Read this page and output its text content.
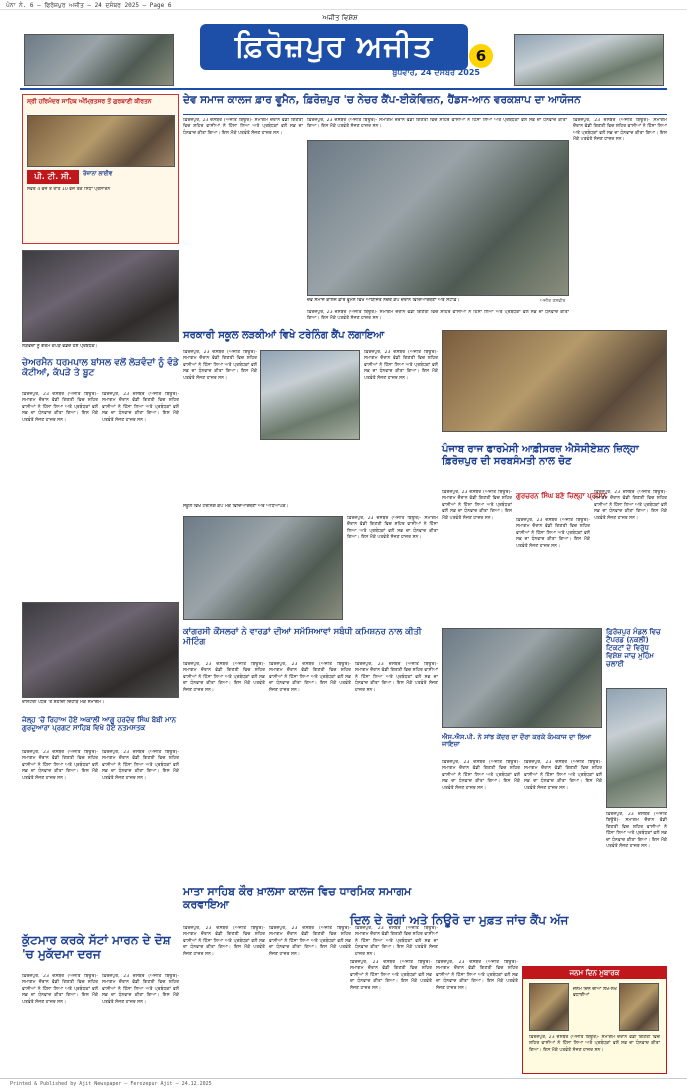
ਪੰਨਾ ਨੰ. 6 — ਫਿਰੋਜ਼ਪੁਰ ਅਜੀਤ — 24 ਦਸੰਬਰ 2025 — Page 6
ਅਜੀਤ ਵਿਸ਼ੇਸ਼
ਫ਼ਿਰੋਜ਼ਪੁਰ ਅਜੀਤ	6
ਬੁੱਧਵਾਰ, 24 ਦਸੰਬਰ 2025
ਸ੍ਰੀ ਹਰਿਮੰਦਰ ਸਾਹਿਬ ਅੰਮ੍ਰਿਤਸਰ ਤੋਂ ਗੁਰਬਾਣੀ ਕੀਰਤਨ
ਪੀ. ਟੀ. ਸੀ.	ਰੋਜ਼ਾਨਾ ਲਾਈਵ
ਸਵੇਰੇ 4 ਵਜੇ ਤੋਂ ਰਾਤ 10 ਵਜੇ ਤੱਕ ਸਿੱਧਾ ਪ੍ਰਸਾਰਨ
ਦੇਵ ਸਮਾਜ ਕਾਲਜ ਫ਼ਾਰ ਵੂਮੈਨ, ਫ਼ਿਰੋਜ਼ਪੁਰ 'ਚ ਨੇਚਰ ਕੈਂਪ-ਈਕੋਵਿਜ਼ਨ, ਹੈਂਡਸ-ਆਨ ਵਰਕਸ਼ਾਪ ਦਾ ਆਯੋਜਨ
ਫ਼ਿਰੋਜ਼ਪੁਰ, 23 ਦਸੰਬਰ (ਅਜੀਤ ਬਿਊਰੋ)- ਸਮਾਗਮ ਦੌਰਾਨ ਵੱਡੀ ਗਿਣਤੀ ਵਿਚ ਸ਼ਹਿਰ ਵਾਸੀਆਂ ਨੇ ਹਿੱਸਾ ਲਿਆ ਅਤੇ ਪ੍ਰਬੰਧਕਾਂ ਵਲੋਂ ਸਭ ਦਾ ਧੰਨਵਾਦ ਕੀਤਾ ਗਿਆ। ਇਸ ਮੌਕੇ ਪਤਵੰਤੇ ਸੱਜਣ ਹਾਜ਼ਰ ਸਨ।
ਫ਼ਿਰੋਜ਼ਪੁਰ, 23 ਦਸੰਬਰ (ਅਜੀਤ ਬਿਊਰੋ)- ਸਮਾਗਮ ਦੌਰਾਨ ਵੱਡੀ ਗਿਣਤੀ ਵਿਚ ਸ਼ਹਿਰ ਵਾਸੀਆਂ ਨੇ ਹਿੱਸਾ ਲਿਆ ਅਤੇ ਪ੍ਰਬੰਧਕਾਂ ਵਲੋਂ ਸਭ ਦਾ ਧੰਨਵਾਦ ਕੀਤਾ ਗਿਆ। ਇਸ ਮੌਕੇ ਪਤਵੰਤੇ ਸੱਜਣ ਹਾਜ਼ਰ ਸਨ।
ਦੇਵ ਸਮਾਜ ਕਾਲਜ ਫ਼ਾਰ ਵੂਮੈਨ ਵਿਖੇ ਆਯੋਜਿਤ ਨੇਚਰ ਕੈਂਪ ਦੌਰਾਨ ਵਿਦਿਆਰਥਣਾਂ ਅਤੇ ਸਟਾਫ਼।	ਅਜੀਤ ਤਸਵੀਰ
ਫ਼ਿਰੋਜ਼ਪੁਰ, 23 ਦਸੰਬਰ (ਅਜੀਤ ਬਿਊਰੋ)- ਸਮਾਗਮ ਦੌਰਾਨ ਵੱਡੀ ਗਿਣਤੀ ਵਿਚ ਸ਼ਹਿਰ ਵਾਸੀਆਂ ਨੇ ਹਿੱਸਾ ਲਿਆ ਅਤੇ ਪ੍ਰਬੰਧਕਾਂ ਵਲੋਂ ਸਭ ਦਾ ਧੰਨਵਾਦ ਕੀਤਾ ਗਿਆ। ਇਸ ਮੌਕੇ ਪਤਵੰਤੇ ਸੱਜਣ ਹਾਜ਼ਰ ਸਨ।
ਫ਼ਿਰੋਜ਼ਪੁਰ, 23 ਦਸੰਬਰ (ਅਜੀਤ ਬਿਊਰੋ)- ਸਮਾਗਮ ਦੌਰਾਨ ਵੱਡੀ ਗਿਣਤੀ ਵਿਚ ਸ਼ਹਿਰ ਵਾਸੀਆਂ ਨੇ ਹਿੱਸਾ ਲਿਆ ਅਤੇ ਪ੍ਰਬੰਧਕਾਂ ਵਲੋਂ ਸਭ ਦਾ ਧੰਨਵਾਦ ਕੀਤਾ ਗਿਆ। ਇਸ ਮੌਕੇ ਪਤਵੰਤੇ ਸੱਜਣ ਹਾਜ਼ਰ ਸਨ।
ਲੋੜਵੰਦਾਂ ਨੂੰ ਗਰਮ ਕੱਪੜੇ ਵੰਡਦੇ ਹੋਏ ਪ੍ਰਬੰਧਕ।
ਚੇਅਰਮੈਨ ਧਰਮਪਾਲ ਬਾਂਸਲ ਵਲੋਂ ਲੋੜਵੰਦਾਂ ਨੂੰ ਵੰਡੇ ਕੋਟੀਆਂ, ਕੱਪੜੇ ਤੇ ਬੂਟ
ਫ਼ਿਰੋਜ਼ਪੁਰ, 23 ਦਸੰਬਰ (ਅਜੀਤ ਬਿਊਰੋ)- ਸਮਾਗਮ ਦੌਰਾਨ ਵੱਡੀ ਗਿਣਤੀ ਵਿਚ ਸ਼ਹਿਰ ਵਾਸੀਆਂ ਨੇ ਹਿੱਸਾ ਲਿਆ ਅਤੇ ਪ੍ਰਬੰਧਕਾਂ ਵਲੋਂ ਸਭ ਦਾ ਧੰਨਵਾਦ ਕੀਤਾ ਗਿਆ। ਇਸ ਮੌਕੇ ਪਤਵੰਤੇ ਸੱਜਣ ਹਾਜ਼ਰ ਸਨ।
ਫ਼ਿਰੋਜ਼ਪੁਰ, 23 ਦਸੰਬਰ (ਅਜੀਤ ਬਿਊਰੋ)- ਸਮਾਗਮ ਦੌਰਾਨ ਵੱਡੀ ਗਿਣਤੀ ਵਿਚ ਸ਼ਹਿਰ ਵਾਸੀਆਂ ਨੇ ਹਿੱਸਾ ਲਿਆ ਅਤੇ ਪ੍ਰਬੰਧਕਾਂ ਵਲੋਂ ਸਭ ਦਾ ਧੰਨਵਾਦ ਕੀਤਾ ਗਿਆ। ਇਸ ਮੌਕੇ ਪਤਵੰਤੇ ਸੱਜਣ ਹਾਜ਼ਰ ਸਨ।
ਸਰਕਾਰੀ ਸਕੂਲ ਲੜਕੀਆਂ ਵਿਖੇ ਟਰੇਨਿੰਗ ਕੈਂਪ ਲਗਾਇਆ
ਫ਼ਿਰੋਜ਼ਪੁਰ, 23 ਦਸੰਬਰ (ਅਜੀਤ ਬਿਊਰੋ)- ਸਮਾਗਮ ਦੌਰਾਨ ਵੱਡੀ ਗਿਣਤੀ ਵਿਚ ਸ਼ਹਿਰ ਵਾਸੀਆਂ ਨੇ ਹਿੱਸਾ ਲਿਆ ਅਤੇ ਪ੍ਰਬੰਧਕਾਂ ਵਲੋਂ ਸਭ ਦਾ ਧੰਨਵਾਦ ਕੀਤਾ ਗਿਆ। ਇਸ ਮੌਕੇ ਪਤਵੰਤੇ ਸੱਜਣ ਹਾਜ਼ਰ ਸਨ।
ਫ਼ਿਰੋਜ਼ਪੁਰ, 23 ਦਸੰਬਰ (ਅਜੀਤ ਬਿਊਰੋ)- ਸਮਾਗਮ ਦੌਰਾਨ ਵੱਡੀ ਗਿਣਤੀ ਵਿਚ ਸ਼ਹਿਰ ਵਾਸੀਆਂ ਨੇ ਹਿੱਸਾ ਲਿਆ ਅਤੇ ਪ੍ਰਬੰਧਕਾਂ ਵਲੋਂ ਸਭ ਦਾ ਧੰਨਵਾਦ ਕੀਤਾ ਗਿਆ। ਇਸ ਮੌਕੇ ਪਤਵੰਤੇ ਸੱਜਣ ਹਾਜ਼ਰ ਸਨ।
ਸਕੂਲ ਵਿਖੇ ਟਰੇਨਿੰਗ ਕੈਂਪ ਮੌਕੇ ਵਿਦਿਆਰਥਣਾਂ ਅਤੇ ਅਧਿਆਪਕ।
ਫ਼ਿਰੋਜ਼ਪੁਰ, 23 ਦਸੰਬਰ (ਅਜੀਤ ਬਿਊਰੋ)- ਸਮਾਗਮ ਦੌਰਾਨ ਵੱਡੀ ਗਿਣਤੀ ਵਿਚ ਸ਼ਹਿਰ ਵਾਸੀਆਂ ਨੇ ਹਿੱਸਾ ਲਿਆ ਅਤੇ ਪ੍ਰਬੰਧਕਾਂ ਵਲੋਂ ਸਭ ਦਾ ਧੰਨਵਾਦ ਕੀਤਾ ਗਿਆ। ਇਸ ਮੌਕੇ ਪਤਵੰਤੇ ਸੱਜਣ ਹਾਜ਼ਰ ਸਨ।
ਪੰਜਾਬ ਰਾਜ ਫਾਰਮੇਸੀ ਆਫ਼ੀਸਰਜ਼ ਐਸੋਸੀਏਸ਼ਨ ਜ਼ਿਲ੍ਹਾ ਫ਼ਿਰੋਜ਼ਪੁਰ ਦੀ ਸਰਬਸੰਮਤੀ ਨਾਲ ਚੋਣ
ਫ਼ਿਰੋਜ਼ਪੁਰ, 23 ਦਸੰਬਰ (ਅਜੀਤ ਬਿਊਰੋ)- ਸਮਾਗਮ ਦੌਰਾਨ ਵੱਡੀ ਗਿਣਤੀ ਵਿਚ ਸ਼ਹਿਰ ਵਾਸੀਆਂ ਨੇ ਹਿੱਸਾ ਲਿਆ ਅਤੇ ਪ੍ਰਬੰਧਕਾਂ ਵਲੋਂ ਸਭ ਦਾ ਧੰਨਵਾਦ ਕੀਤਾ ਗਿਆ। ਇਸ ਮੌਕੇ ਪਤਵੰਤੇ ਸੱਜਣ ਹਾਜ਼ਰ ਸਨ।
ਗੁਰਚਰਨ ਸਿੰਘ ਬਣੇ ਜ਼ਿਲ੍ਹਾ ਪ੍ਰਧਾਨ
ਫ਼ਿਰੋਜ਼ਪੁਰ, 23 ਦਸੰਬਰ (ਅਜੀਤ ਬਿਊਰੋ)- ਸਮਾਗਮ ਦੌਰਾਨ ਵੱਡੀ ਗਿਣਤੀ ਵਿਚ ਸ਼ਹਿਰ ਵਾਸੀਆਂ ਨੇ ਹਿੱਸਾ ਲਿਆ ਅਤੇ ਪ੍ਰਬੰਧਕਾਂ ਵਲੋਂ ਸਭ ਦਾ ਧੰਨਵਾਦ ਕੀਤਾ ਗਿਆ। ਇਸ ਮੌਕੇ ਪਤਵੰਤੇ ਸੱਜਣ ਹਾਜ਼ਰ ਸਨ।
ਫ਼ਿਰੋਜ਼ਪੁਰ, 23 ਦਸੰਬਰ (ਅਜੀਤ ਬਿਊਰੋ)- ਸਮਾਗਮ ਦੌਰਾਨ ਵੱਡੀ ਗਿਣਤੀ ਵਿਚ ਸ਼ਹਿਰ ਵਾਸੀਆਂ ਨੇ ਹਿੱਸਾ ਲਿਆ ਅਤੇ ਪ੍ਰਬੰਧਕਾਂ ਵਲੋਂ ਸਭ ਦਾ ਧੰਨਵਾਦ ਕੀਤਾ ਗਿਆ। ਇਸ ਮੌਕੇ ਪਤਵੰਤੇ ਸੱਜਣ ਹਾਜ਼ਰ ਸਨ।
ਰਾਸ਼ਟਰੀ ਪੱਧਰ 'ਤੇ ਸ਼ਹੀਦੀ ਦਿਹਾੜੇ ਮੌਕੇ ਸਮਾਗਮ।
ਜੇਲ੍ਹ 'ਚੋਂ ਰਿਹਾਅ ਹੋਏ ਅਕਾਲੀ ਆਗੂ ਹਰਦੇਵ ਸਿੰਘ ਬੋਬੀ ਮਾਨ ਗੁਰਦੁਆਰਾ ਪ੍ਰਗਟ ਸਾਹਿਬ ਵਿਖੇ ਹੋਏ ਨਤਮਸਤਕ
ਫ਼ਿਰੋਜ਼ਪੁਰ, 23 ਦਸੰਬਰ (ਅਜੀਤ ਬਿਊਰੋ)- ਸਮਾਗਮ ਦੌਰਾਨ ਵੱਡੀ ਗਿਣਤੀ ਵਿਚ ਸ਼ਹਿਰ ਵਾਸੀਆਂ ਨੇ ਹਿੱਸਾ ਲਿਆ ਅਤੇ ਪ੍ਰਬੰਧਕਾਂ ਵਲੋਂ ਸਭ ਦਾ ਧੰਨਵਾਦ ਕੀਤਾ ਗਿਆ। ਇਸ ਮੌਕੇ ਪਤਵੰਤੇ ਸੱਜਣ ਹਾਜ਼ਰ ਸਨ।
ਫ਼ਿਰੋਜ਼ਪੁਰ, 23 ਦਸੰਬਰ (ਅਜੀਤ ਬਿਊਰੋ)- ਸਮਾਗਮ ਦੌਰਾਨ ਵੱਡੀ ਗਿਣਤੀ ਵਿਚ ਸ਼ਹਿਰ ਵਾਸੀਆਂ ਨੇ ਹਿੱਸਾ ਲਿਆ ਅਤੇ ਪ੍ਰਬੰਧਕਾਂ ਵਲੋਂ ਸਭ ਦਾ ਧੰਨਵਾਦ ਕੀਤਾ ਗਿਆ। ਇਸ ਮੌਕੇ ਪਤਵੰਤੇ ਸੱਜਣ ਹਾਜ਼ਰ ਸਨ।
ਕੁੱਟਮਾਰ ਕਰਕੇ ਸੱਟਾਂ ਮਾਰਨ ਦੇ ਦੋਸ਼ 'ਚ ਮੁਕੱਦਮਾ ਦਰਜ
ਫ਼ਿਰੋਜ਼ਪੁਰ, 23 ਦਸੰਬਰ (ਅਜੀਤ ਬਿਊਰੋ)- ਸਮਾਗਮ ਦੌਰਾਨ ਵੱਡੀ ਗਿਣਤੀ ਵਿਚ ਸ਼ਹਿਰ ਵਾਸੀਆਂ ਨੇ ਹਿੱਸਾ ਲਿਆ ਅਤੇ ਪ੍ਰਬੰਧਕਾਂ ਵਲੋਂ ਸਭ ਦਾ ਧੰਨਵਾਦ ਕੀਤਾ ਗਿਆ। ਇਸ ਮੌਕੇ ਪਤਵੰਤੇ ਸੱਜਣ ਹਾਜ਼ਰ ਸਨ।
ਫ਼ਿਰੋਜ਼ਪੁਰ, 23 ਦਸੰਬਰ (ਅਜੀਤ ਬਿਊਰੋ)- ਸਮਾਗਮ ਦੌਰਾਨ ਵੱਡੀ ਗਿਣਤੀ ਵਿਚ ਸ਼ਹਿਰ ਵਾਸੀਆਂ ਨੇ ਹਿੱਸਾ ਲਿਆ ਅਤੇ ਪ੍ਰਬੰਧਕਾਂ ਵਲੋਂ ਸਭ ਦਾ ਧੰਨਵਾਦ ਕੀਤਾ ਗਿਆ। ਇਸ ਮੌਕੇ ਪਤਵੰਤੇ ਸੱਜਣ ਹਾਜ਼ਰ ਸਨ।
ਕਾਂਗਰਸੀ ਕੌਂਸਲਰਾਂ ਨੇ ਵਾਰਡਾਂ ਦੀਆਂ ਸਮੱਸਿਆਵਾਂ ਸਬੰਧੀ ਕਮਿਸ਼ਨਰ ਨਾਲ ਕੀਤੀ ਮੀਟਿੰਗ
ਫ਼ਿਰੋਜ਼ਪੁਰ, 23 ਦਸੰਬਰ (ਅਜੀਤ ਬਿਊਰੋ)- ਸਮਾਗਮ ਦੌਰਾਨ ਵੱਡੀ ਗਿਣਤੀ ਵਿਚ ਸ਼ਹਿਰ ਵਾਸੀਆਂ ਨੇ ਹਿੱਸਾ ਲਿਆ ਅਤੇ ਪ੍ਰਬੰਧਕਾਂ ਵਲੋਂ ਸਭ ਦਾ ਧੰਨਵਾਦ ਕੀਤਾ ਗਿਆ। ਇਸ ਮੌਕੇ ਪਤਵੰਤੇ ਸੱਜਣ ਹਾਜ਼ਰ ਸਨ।
ਫ਼ਿਰੋਜ਼ਪੁਰ, 23 ਦਸੰਬਰ (ਅਜੀਤ ਬਿਊਰੋ)- ਸਮਾਗਮ ਦੌਰਾਨ ਵੱਡੀ ਗਿਣਤੀ ਵਿਚ ਸ਼ਹਿਰ ਵਾਸੀਆਂ ਨੇ ਹਿੱਸਾ ਲਿਆ ਅਤੇ ਪ੍ਰਬੰਧਕਾਂ ਵਲੋਂ ਸਭ ਦਾ ਧੰਨਵਾਦ ਕੀਤਾ ਗਿਆ। ਇਸ ਮੌਕੇ ਪਤਵੰਤੇ ਸੱਜਣ ਹਾਜ਼ਰ ਸਨ।
ਫ਼ਿਰੋਜ਼ਪੁਰ, 23 ਦਸੰਬਰ (ਅਜੀਤ ਬਿਊਰੋ)- ਸਮਾਗਮ ਦੌਰਾਨ ਵੱਡੀ ਗਿਣਤੀ ਵਿਚ ਸ਼ਹਿਰ ਵਾਸੀਆਂ ਨੇ ਹਿੱਸਾ ਲਿਆ ਅਤੇ ਪ੍ਰਬੰਧਕਾਂ ਵਲੋਂ ਸਭ ਦਾ ਧੰਨਵਾਦ ਕੀਤਾ ਗਿਆ। ਇਸ ਮੌਕੇ ਪਤਵੰਤੇ ਸੱਜਣ ਹਾਜ਼ਰ ਸਨ।
ਮਾਤਾ ਸਾਹਿਬ ਕੌਰ ਖ਼ਾਲਸਾ ਕਾਲਜ ਵਿਚ ਧਾਰਮਿਕ ਸਮਾਗਮ ਕਰਵਾਇਆ
ਫ਼ਿਰੋਜ਼ਪੁਰ, 23 ਦਸੰਬਰ (ਅਜੀਤ ਬਿਊਰੋ)- ਸਮਾਗਮ ਦੌਰਾਨ ਵੱਡੀ ਗਿਣਤੀ ਵਿਚ ਸ਼ਹਿਰ ਵਾਸੀਆਂ ਨੇ ਹਿੱਸਾ ਲਿਆ ਅਤੇ ਪ੍ਰਬੰਧਕਾਂ ਵਲੋਂ ਸਭ ਦਾ ਧੰਨਵਾਦ ਕੀਤਾ ਗਿਆ। ਇਸ ਮੌਕੇ ਪਤਵੰਤੇ ਸੱਜਣ ਹਾਜ਼ਰ ਸਨ।
ਫ਼ਿਰੋਜ਼ਪੁਰ, 23 ਦਸੰਬਰ (ਅਜੀਤ ਬਿਊਰੋ)- ਸਮਾਗਮ ਦੌਰਾਨ ਵੱਡੀ ਗਿਣਤੀ ਵਿਚ ਸ਼ਹਿਰ ਵਾਸੀਆਂ ਨੇ ਹਿੱਸਾ ਲਿਆ ਅਤੇ ਪ੍ਰਬੰਧਕਾਂ ਵਲੋਂ ਸਭ ਦਾ ਧੰਨਵਾਦ ਕੀਤਾ ਗਿਆ। ਇਸ ਮੌਕੇ ਪਤਵੰਤੇ ਸੱਜਣ ਹਾਜ਼ਰ ਸਨ।
ਫ਼ਿਰੋਜ਼ਪੁਰ, 23 ਦਸੰਬਰ (ਅਜੀਤ ਬਿਊਰੋ)- ਸਮਾਗਮ ਦੌਰਾਨ ਵੱਡੀ ਗਿਣਤੀ ਵਿਚ ਸ਼ਹਿਰ ਵਾਸੀਆਂ ਨੇ ਹਿੱਸਾ ਲਿਆ ਅਤੇ ਪ੍ਰਬੰਧਕਾਂ ਵਲੋਂ ਸਭ ਦਾ ਧੰਨਵਾਦ ਕੀਤਾ ਗਿਆ। ਇਸ ਮੌਕੇ ਪਤਵੰਤੇ ਸੱਜਣ ਹਾਜ਼ਰ ਸਨ।
ਐਸ.ਐਸ.ਪੀ. ਨੇ ਸਾਂਝ ਕੇਂਦਰ ਦਾ ਦੌਰਾ ਕਰਕੇ ਕੰਮਕਾਜ ਦਾ ਲਿਆ ਜਾਇਜ਼ਾ
ਫ਼ਿਰੋਜ਼ਪੁਰ, 23 ਦਸੰਬਰ (ਅਜੀਤ ਬਿਊਰੋ)- ਸਮਾਗਮ ਦੌਰਾਨ ਵੱਡੀ ਗਿਣਤੀ ਵਿਚ ਸ਼ਹਿਰ ਵਾਸੀਆਂ ਨੇ ਹਿੱਸਾ ਲਿਆ ਅਤੇ ਪ੍ਰਬੰਧਕਾਂ ਵਲੋਂ ਸਭ ਦਾ ਧੰਨਵਾਦ ਕੀਤਾ ਗਿਆ। ਇਸ ਮੌਕੇ ਪਤਵੰਤੇ ਸੱਜਣ ਹਾਜ਼ਰ ਸਨ।
ਫ਼ਿਰੋਜ਼ਪੁਰ, 23 ਦਸੰਬਰ (ਅਜੀਤ ਬਿਊਰੋ)- ਸਮਾਗਮ ਦੌਰਾਨ ਵੱਡੀ ਗਿਣਤੀ ਵਿਚ ਸ਼ਹਿਰ ਵਾਸੀਆਂ ਨੇ ਹਿੱਸਾ ਲਿਆ ਅਤੇ ਪ੍ਰਬੰਧਕਾਂ ਵਲੋਂ ਸਭ ਦਾ ਧੰਨਵਾਦ ਕੀਤਾ ਗਿਆ। ਇਸ ਮੌਕੇ ਪਤਵੰਤੇ ਸੱਜਣ ਹਾਜ਼ਰ ਸਨ।
ਫ਼ਿਰੋਜ਼ਪੁਰ ਮੰਡਲ ਵਿਚ ਟੈਂਪਰਡ (ਨਕਲੀ) ਟਿਕਟਾਂ ਦੇ ਵਿਰੁੱਧ ਵਿਸ਼ੇਸ਼ ਜਾਂਚ ਮੁਹਿੰਮ ਚਲਾਈ
ਫ਼ਿਰੋਜ਼ਪੁਰ, 23 ਦਸੰਬਰ (ਅਜੀਤ ਬਿਊਰੋ)- ਸਮਾਗਮ ਦੌਰਾਨ ਵੱਡੀ ਗਿਣਤੀ ਵਿਚ ਸ਼ਹਿਰ ਵਾਸੀਆਂ ਨੇ ਹਿੱਸਾ ਲਿਆ ਅਤੇ ਪ੍ਰਬੰਧਕਾਂ ਵਲੋਂ ਸਭ ਦਾ ਧੰਨਵਾਦ ਕੀਤਾ ਗਿਆ। ਇਸ ਮੌਕੇ ਪਤਵੰਤੇ ਸੱਜਣ ਹਾਜ਼ਰ ਸਨ।
ਦਿਲ ਦੇ ਰੋਗਾਂ ਅਤੇ ਨਿਊਰੋ ਦਾ ਮੁਫ਼ਤ ਜਾਂਚ ਕੈਂਪ ਅੱਜ
ਫ਼ਿਰੋਜ਼ਪੁਰ, 23 ਦਸੰਬਰ (ਅਜੀਤ ਬਿਊਰੋ)- ਸਮਾਗਮ ਦੌਰਾਨ ਵੱਡੀ ਗਿਣਤੀ ਵਿਚ ਸ਼ਹਿਰ ਵਾਸੀਆਂ ਨੇ ਹਿੱਸਾ ਲਿਆ ਅਤੇ ਪ੍ਰਬੰਧਕਾਂ ਵਲੋਂ ਸਭ ਦਾ ਧੰਨਵਾਦ ਕੀਤਾ ਗਿਆ। ਇਸ ਮੌਕੇ ਪਤਵੰਤੇ ਸੱਜਣ ਹਾਜ਼ਰ ਸਨ।
ਫ਼ਿਰੋਜ਼ਪੁਰ, 23 ਦਸੰਬਰ (ਅਜੀਤ ਬਿਊਰੋ)- ਸਮਾਗਮ ਦੌਰਾਨ ਵੱਡੀ ਗਿਣਤੀ ਵਿਚ ਸ਼ਹਿਰ ਵਾਸੀਆਂ ਨੇ ਹਿੱਸਾ ਲਿਆ ਅਤੇ ਪ੍ਰਬੰਧਕਾਂ ਵਲੋਂ ਸਭ ਦਾ ਧੰਨਵਾਦ ਕੀਤਾ ਗਿਆ। ਇਸ ਮੌਕੇ ਪਤਵੰਤੇ ਸੱਜਣ ਹਾਜ਼ਰ ਸਨ।
ਜਨਮ ਦਿਨ ਮੁਬਾਰਕ
ਜਨਮ ਦਿਨ ਦੀਆਂ ਲੱਖ-ਲੱਖ ਵਧਾਈਆਂ
ਫ਼ਿਰੋਜ਼ਪੁਰ, 23 ਦਸੰਬਰ (ਅਜੀਤ ਬਿਊਰੋ)- ਸਮਾਗਮ ਦੌਰਾਨ ਵੱਡੀ ਗਿਣਤੀ ਵਿਚ ਸ਼ਹਿਰ ਵਾਸੀਆਂ ਨੇ ਹਿੱਸਾ ਲਿਆ ਅਤੇ ਪ੍ਰਬੰਧਕਾਂ ਵਲੋਂ ਸਭ ਦਾ ਧੰਨਵਾਦ ਕੀਤਾ ਗਿਆ। ਇਸ ਮੌਕੇ ਪਤਵੰਤੇ ਸੱਜਣ ਹਾਜ਼ਰ ਸਨ।
Printed & Published by Ajit Newspaper — Ferozepur Ajit — 24.12.2025
